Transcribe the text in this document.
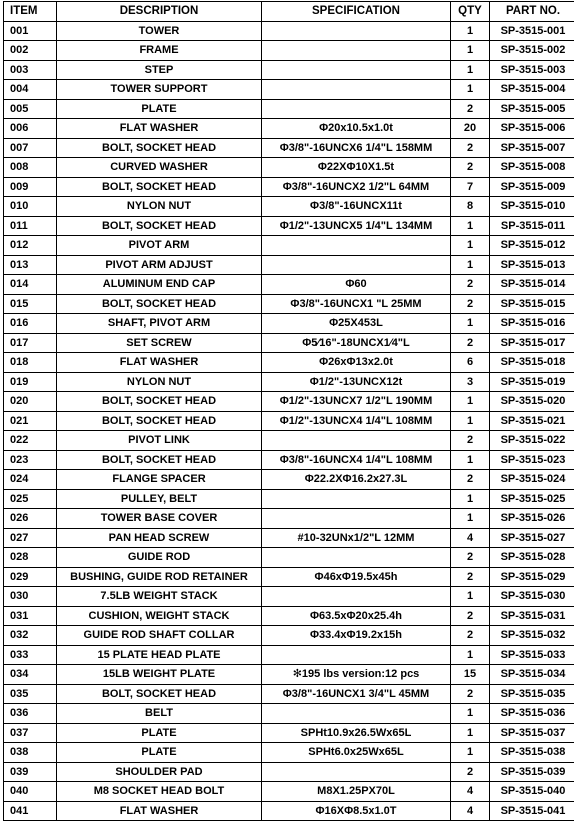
ITEM	DESCRIPTION	SPECIFICATION	QTY	PART NO.
001	TOWER		1	SP-3515-001
002	FRAME		1	SP-3515-002
003	STEP		1	SP-3515-003
004	TOWER SUPPORT		1	SP-3515-004
005	PLATE		2	SP-3515-005
006	FLAT WASHER	Φ20x10.5x1.0t	20	SP-3515-006
007	BOLT, SOCKET HEAD	Φ3/8"-16UNCX6 1/4"L 158MM	2	SP-3515-007
008	CURVED WASHER	Φ22XΦ10X1.5t	2	SP-3515-008
009	BOLT, SOCKET HEAD	Φ3/8"-16UNCX2 1/2"L 64MM	7	SP-3515-009
010	NYLON NUT	Φ3/8"-16UNCX11t	8	SP-3515-010
011	BOLT, SOCKET HEAD	Φ1/2"-13UNCX5 1/4"L 134MM	1	SP-3515-011
012	PIVOT ARM		1	SP-3515-012
013	PIVOT ARM ADJUST		1	SP-3515-013
014	ALUMINUM END CAP	Φ60	2	SP-3515-014
015	BOLT, SOCKET HEAD	Φ3/8"-16UNCX1 "L 25MM	2	SP-3515-015
016	SHAFT, PIVOT ARM	Φ25X453L	1	SP-3515-016
017	SET SCREW	Φ5⁄16"-18UNCX1⁄4"L	2	SP-3515-017
018	FLAT WASHER	Φ26xΦ13x2.0t	6	SP-3515-018
019	NYLON NUT	Φ1/2"-13UNCX12t	3	SP-3515-019
020	BOLT, SOCKET HEAD	Φ1/2"-13UNCX7 1/2"L 190MM	1	SP-3515-020
021	BOLT, SOCKET HEAD	Φ1/2"-13UNCX4 1/4"L 108MM	1	SP-3515-021
022	PIVOT LINK		2	SP-3515-022
023	BOLT, SOCKET HEAD	Φ3/8"-16UNCX4 1/4"L 108MM	1	SP-3515-023
024	FLANGE SPACER	Φ22.2XΦ16.2x27.3L	2	SP-3515-024
025	PULLEY, BELT		1	SP-3515-025
026	TOWER BASE COVER		1	SP-3515-026
027	PAN HEAD SCREW	#10-32UNx1/2"L 12MM	4	SP-3515-027
028	GUIDE ROD		2	SP-3515-028
029	BUSHING, GUIDE ROD RETAINER	Φ46xΦ19.5x45h	2	SP-3515-029
030	7.5LB WEIGHT STACK		1	SP-3515-030
031	CUSHION, WEIGHT STACK	Φ63.5xΦ20x25.4h	2	SP-3515-031
032	GUIDE ROD SHAFT COLLAR	Φ33.4xΦ19.2x15h	2	SP-3515-032
033	15 PLATE HEAD PLATE		1	SP-3515-033
034	15LB WEIGHT PLATE	✻195 lbs version:12 pcs	15	SP-3515-034
035	BOLT, SOCKET HEAD	Φ3/8"-16UNCX1 3/4"L 45MM	2	SP-3515-035
036	BELT		1	SP-3515-036
037	PLATE	SPHt10.9x26.5Wx65L	1	SP-3515-037
038	PLATE	SPHt6.0x25Wx65L	1	SP-3515-038
039	SHOULDER PAD		2	SP-3515-039
040	M8 SOCKET HEAD BOLT	M8X1.25PX70L	4	SP-3515-040
041	FLAT WASHER	Φ16XΦ8.5x1.0T	4	SP-3515-041
